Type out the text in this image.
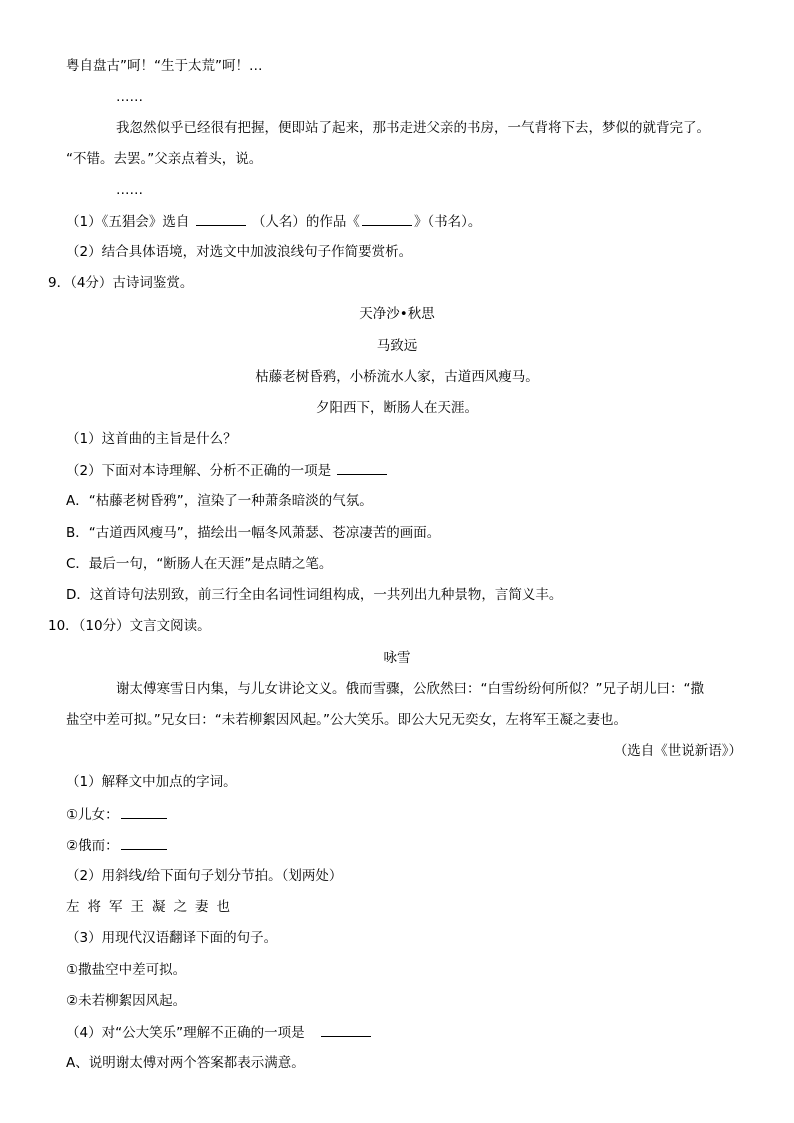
粤自盘古”呵！“生于太荒”呵！…
……
我忽然似乎已经很有把握，便即站了起来，那书走进父亲的书房，一气背将下去，梦似的就背完了。
“不错。去罢。”父亲点着头，说。
……
（1）《五猖会》选自	（人名）的作品《	》（书名）。
（2）结合具体语境，对选文中加波浪线句子作简要赏析。
9．（4分）古诗词鉴赏。
天净沙•秋思
马致远
枯藤老树昏鸦，小桥流水人家，古道西风瘦马。
夕阳西下，断肠人在天涯。
（1）这首曲的主旨是什么？
（2）下面对本诗理解、分析不正确的一项是
A．“枯藤老树昏鸦”，渲染了一种萧条暗淡的气氛。
B．“古道西风瘦马”，描绘出一幅冬风萧瑟、苍凉凄苦的画面。
C．最后一句，“断肠人在天涯”是点睛之笔。
D．这首诗句法别致，前三行全由名词性词组构成，一共列出九种景物，言简义丰。
10．（10分）文言文阅读。
咏雪
谢太傅寒雪日内集，与儿女讲论文义。俄而雪骤，公欣然曰：“白雪纷纷何所似？”兄子胡儿曰：“撒
盐空中差可拟。”兄女曰：“未若柳絮因风起。”公大笑乐。即公大兄无奕女，左将军王凝之妻也。
（选自《世说新语》）
（1）解释文中加点的字词。
①儿女：
②俄而：
（2）用斜线/给下面句子划分节拍。（划两处）
左将军王凝之妻也
（3）用现代汉语翻译下面的句子。
①撒盐空中差可拟。
②未若柳絮因风起。
（4）对“公大笑乐”理解不正确的一项是
A、说明谢太傅对两个答案都表示满意。
